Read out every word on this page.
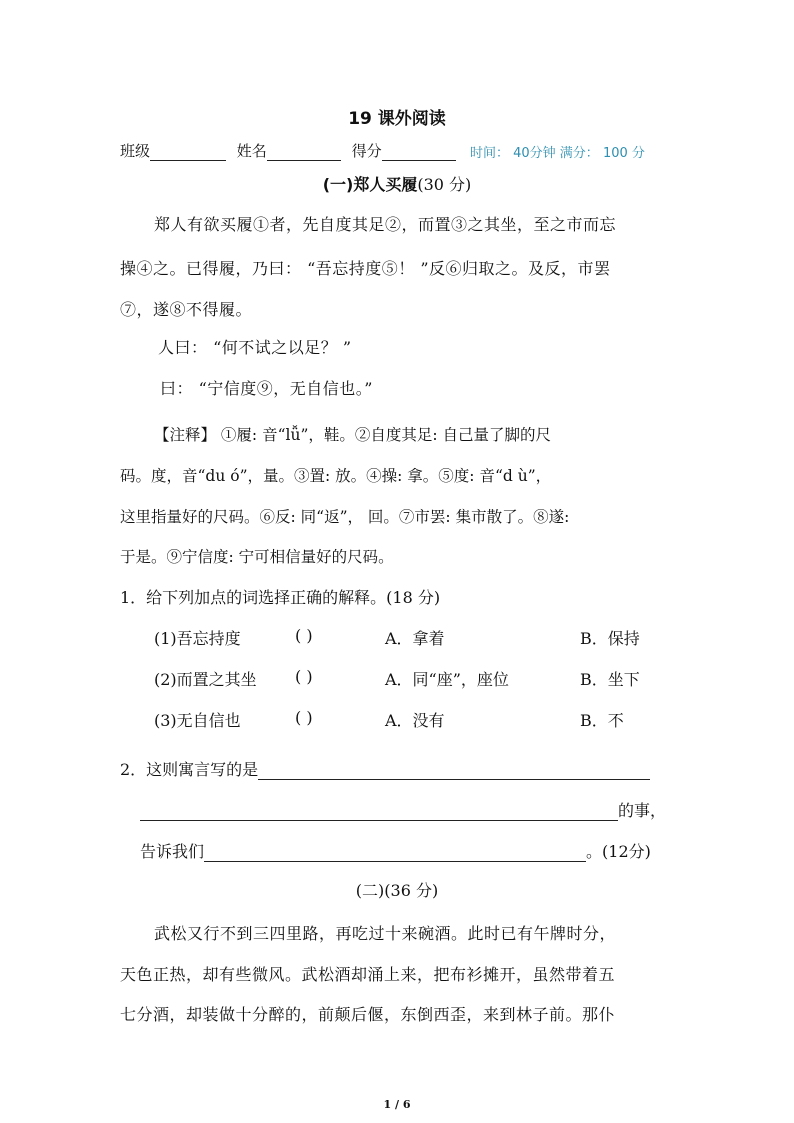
19 课外阅读
班级	姓名	得分	时间： 40分钟 满分： 100 分
(一)郑人买履(30 分)
郑人有欲买履①者，先自度其足②，而置③之其坐，至之市而忘
操④之。已得履，乃曰： “吾忘持度⑤！ ”反⑥归取之。及反，市罢
⑦，遂⑧不得履。
人曰： “何不试之以足？ ”
曰： “宁信度⑨，无自信也。”
【注释】 ①履: 音“lǚ”，鞋。②自度其足: 自己量了脚的尺
码。度，音“du ó”，量。③置: 放。④操: 拿。⑤度: 音“d ù”，
这里指量好的尺码。⑥反: 同“返”， 回。⑦市罢: 集市散了。⑧遂:
于是。⑨宁信度: 宁可相信量好的尺码。
1．给下列加点的词选择正确的解释。(18 分)
(1)吾忘持度	( )	A．拿着	B．保持
(2)而置之其坐 ( )	A．同“座”，座位	B．坐下
(3)无自信也	( )	A．没有	B．不
2．这则寓言写的是
的事，
告诉我们	。(12分)
(二)(36 分)
武松又行不到三四里路，再吃过十来碗酒。此时已有午牌时分，
天色正热，却有些微风。武松酒却涌上来，把布衫摊开，虽然带着五
七分酒，却装做十分醉的，前颠后偃，东倒西歪，来到林子前。那仆
1 / 6
